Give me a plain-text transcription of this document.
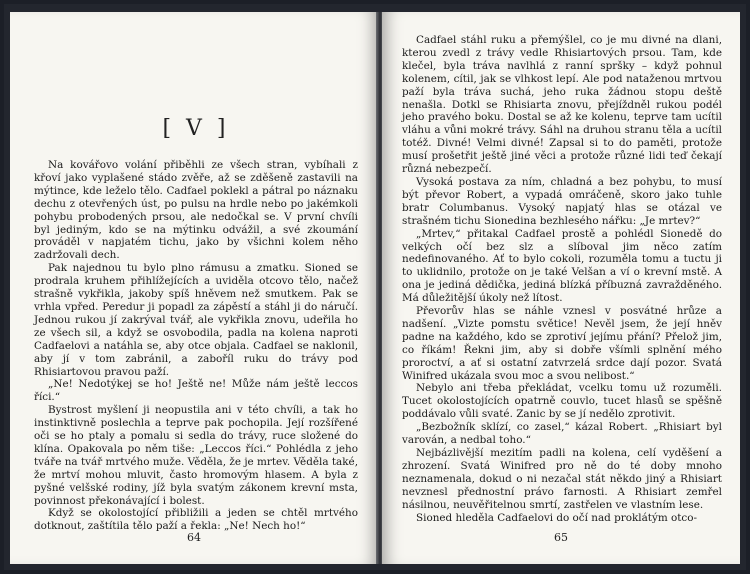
[ V ]

Na kovářovo volání přiběhli ze všech stran, vybíhali z křoví jako vyplašené stádo zvěře, až se zděšeně zastavili na mýtince, kde leželo tělo. Cadfael poklekl a pátral po náznaku dechu z otevřených úst, po pulsu na hrdle nebo po jakémkoli pohybu probodených prsou, ale nedočkal se. V první chvíli byl jediným, kdo se na mýtinku odvážil, a své zkoumání prováděl v napjatém tichu, jako by všichni kolem něho zadržovali dech.

Pak najednou tu bylo plno rámusu a zmatku. Sioned se prodrala kruhem přihlížejících a uviděla otcovo tělo, načež strašně vykřikla, jakoby spíš hněvem než smutkem. Pak se vrhla vpřed. Peredur ji popadl za zápěstí a stáhl ji do náručí. Jednou rukou jí zakrýval tvář, ale vykřikla znovu, udeřila ho ze všech sil, a když se osvobodila, padla na kolena naproti Cadfaelovi a natáhla se, aby otce objala. Cadfael se naklonil, aby jí v tom zabránil, a zaboříl ruku do trávy pod Rhisiartovou pravou paží.

„Ne! Nedotýkej se ho! Ještě ne! Může nám ještě leccos říci.“

Bystrost myšlení ji neopustila ani v této chvíli, a tak ho instinktivně poslechla a teprve pak pochopila. Její rozšířené oči se ho ptaly a pomalu si sedla do trávy, ruce složené do klína. Opakovala po něm tiše: „Leccos říci.“ Pohlédla z jeho tváře na tvář mrtvého muže. Věděla, že je mrtev. Věděla také, že mrtví mohou mluvit, často hromovým hlasem. A byla z pyšné velšské rodiny, jíž byla svatým zákonem krevní msta, povinnost překonávající i bolest.

Když se okolostojící přibližili a jeden se chtěl mrtvého dotknout, zaštítila tělo paží a řekla: „Ne! Nech ho!“

64

Cadfael stáhl ruku a přemýšlel, co je mu divné na dlani, kterou zvedl z trávy vedle Rhisiartových prsou. Tam, kde klečel, byla tráva navlhlá z ranní spršky – když pohnul kolenem, cítil, jak se vlhkost lepí. Ale pod nataženou mrtvou paží byla tráva suchá, jeho ruka žádnou stopu deště nenašla. Dotkl se Rhisiarta znovu, přejíždněl rukou podél jeho pravého boku. Dostal se až ke kolenu, teprve tam ucítil vláhu a vůni mokré trávy. Sáhl na druhou stranu těla a ucítil totéž. Divné! Velmi divné! Zapsal si to do paměti, protože musí prošetřit ještě jiné věci a protože různé lidi teď čekají různá nebezpečí.

Vysoká postava za ním, chladná a bez pohybu, to musí být převor Robert, a vypadá omráčeně, skoro jako tuhle bratr Columbanus. Vysoký napjatý hlas se otázal ve strašném tichu Sionedina bezhlesého nářku: „Je mrtev?“

„Mrtev,“ přitakal Cadfael prostě a pohlédl Sionedě do velkých očí bez slz a slíboval jim něco zatím nedefinovaného. Ať to bylo cokoli, rozuměla tomu a tuctu ji to uklidnilo, protože on je také Velšan a ví o krevní mstě. A ona je jediná dědička, jediná blízká příbuzná zavražděného. Má důležitější úkoly než lítost.

Převorův hlas se náhle vznesl v posvátné hrůze a nadšení. „Vizte pomstu světice! Nevěl jsem, že její hněv padne na každého, kdo se zprotiví jejímu přání? Přelož jim, co říkám! Řekni jim, aby si dobře všímli splnění mého proroctví, a ať si ostatní zatvrzelá srdce dají pozor. Svatá Winifred ukázala svou moc a svou nelibost.“

Nebylo ani třeba překládat, vcelku tomu už rozuměli. Tucet okolostojících opatrně couvlo, tucet hlasů se spěšně poddávalo vůli svaté. Zanic by se jí nedělo zprotivit.

„Bezbožník sklízí, co zasel,“ kázal Robert. „Rhisiart byl varován, a nedbal toho.“

Nejbázlivější mezitím padli na kolena, celí vyděšení a zhrození. Svatá Winifred pro ně do té doby mnoho neznamenala, dokud o ni nezačal stát někdo jiný a Rhisiart nevznesl přednostní právo farnosti. A Rhisiart zemřel násilnou, neuvěřitelnou smrtí, zastřelen ve vlastním lese.

Sioned hleděla Cadfaelovi do očí nad proklátým otco-

65
